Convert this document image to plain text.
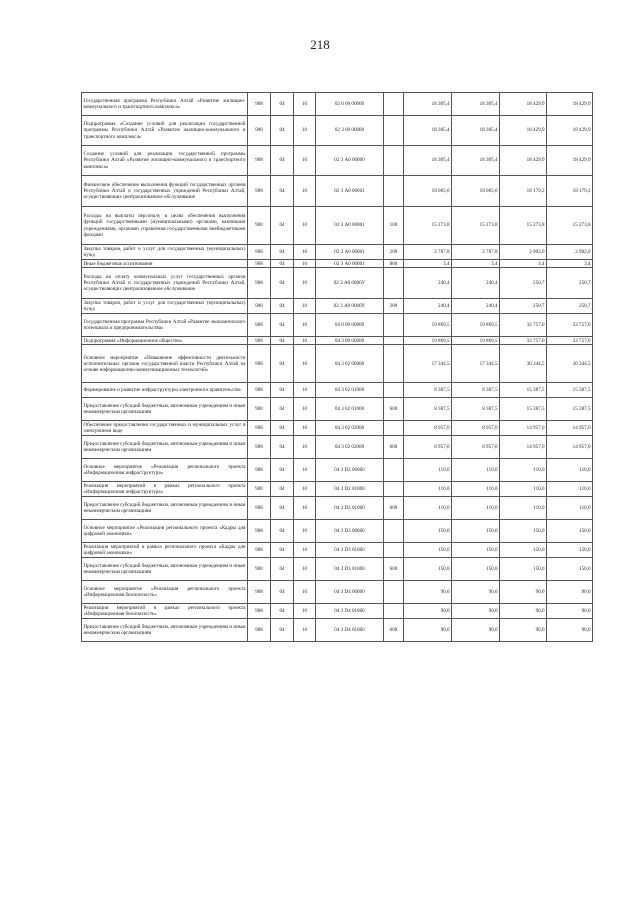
218
Государственная программа Республики Алтай «Развитие жилищно-коммунального и транспортного комплекса»	908	04	10	02 0 00 00000		18 305,4	18 305,4	18 429,9	18 429,9
Подпрограмма «Создание условий для реализации государственной программы Республики Алтай «Развитие жилищно-коммунального и транспортного комплекса»	908	04	10	02 3 00 00000		18 305,4	18 305,4	18 429,9	18 429,9
Создание условий для реализации государственной программы Республики Алтай «Развитие жилищно-коммунального и транспортного комплекса»	908	04	10	02 3 А0 00000		18 305,4	18 305,4	18 429,9	18 429,9
Финансовое обеспечение выполнения функций государственных органов Республики Алтай и государственных учреждений Республики Алтай, осуществляющих централизованное обслуживание	908	04	10	02 3 А0 00001		18 065,0	18 065,0	18 179,2	18 179,2
Расходы на выплаты персоналу в целях обеспечения выполнения функций государственными (муниципальными) органами, казенными учреждениями, органами управления государственными внебюджетными фондами	908	04	10	02 3 А0 00001	100	15 273,8	15 273,8	15 273,8	15 273,8
Закупка товаров, работ и услуг для государственных (муниципальных) нужд	908	04	10	02 3 А0 00001	200	2 787,8	2 787,8	2 902,0	2 902,0
Иные бюджетные ассигнования	908	04	10	02 3 А0 00001	800	3,4	3,4	3,4	3,4
Расходы на оплату коммунальных услуг государственных органов Республики Алтай и государственных учреждений Республики Алтай, осуществляющих централизованное обслуживание	908	04	10	02 3 А0 0000У		240,4	240,4	250,7	250,7
Закупка товаров, работ и услуг для государственных (муниципальных) нужд	908	04	10	02 3 А0 0000У	200	240,4	240,4	250,7	250,7
Государственная программа Республики Алтай «Развитие экономического потенциала и предпринимательства»	908	04	10	04 0 00 00000		19 869,5	19 869,5	32 757,0	32 757,0
Подпрограмма «Информационное общество»	908	04	10	04 3 00 00000		19 869,5	19 869,5	32 757,0	32 757,0
Основное мероприятие «Повышение эффективности деятельности исполнительных органов государственной власти Республики Алтай на основе информационно-коммуникационных технологий»	908	04	10	04 3 02 00000		17 344,5	17 344,5	30 344,5	30 344,5
Формирование и развитие инфраструктуры электронного правительства	908	04	10	04 3 02 01000		8 387,5	8 387,5	15 387,5	15 387,5
Предоставление субсидий бюджетным, автономным учреждениям и иным некоммерческим организациям	908	04	10	04 3 02 01000	600	8 387,5	8 387,5	15 387,5	15 387,5
Обеспечение предоставления государственных и муниципальных услуг в электронном виде	908	04	10	04 3 02 02000		8 957,0	8 957,0	14 957,0	14 957,0
Предоставление субсидий бюджетным, автономным учреждениям и иным некоммерческим организациям	908	04	10	04 3 02 02000	600	8 957,0	8 957,0	14 957,0	14 957,0
Основное мероприятие «Реализация регионального проекта «Информационная инфраструктура»	908	04	10	04 3 D2 00000		110,0	110,0	110,0	110,0
Реализация мероприятий в рамках регионального проекта «Информационная инфраструктура»	908	04	10	04 3 D2 01000		110,0	110,0	110,0	110,0
Предоставление субсидий бюджетным, автономным учреждениям и иным некоммерческим организациям	908	04	10	04 3 D2 01000	600	110,0	110,0	110,0	110,0
Основное мероприятие «Реализация регионального проекта «Кадры для цифровой экономики»	908	04	10	04 3 D3 00000		150,0	150,0	150,0	150,0
Реализация мероприятий в рамках регионального проекта «Кадры для цифровой экономики»	908	04	10	04 3 D3 01000		150,0	150,0	150,0	150,0
Предоставление субсидий бюджетным, автономным учреждениям и иным некоммерческим организациям	908	04	10	04 3 D3 01000	600	150,0	150,0	150,0	150,0
Основное мероприятие «Реализация регионального проекта «Информационная безопасность»	908	04	10	04 3 D4 00000		90,0	90,0	90,0	90,0
Реализация мероприятий в рамках регионального проекта «Информационная безопасность»	908	04	10	04 3 D4 01000		90,0	90,0	90,0	90,0
Предоставление субсидий бюджетным, автономным учреждениям и иным некоммерческим организациям	908	04	10	04 3 D4 01000	600	90,0	90,0	90,0	90,0
